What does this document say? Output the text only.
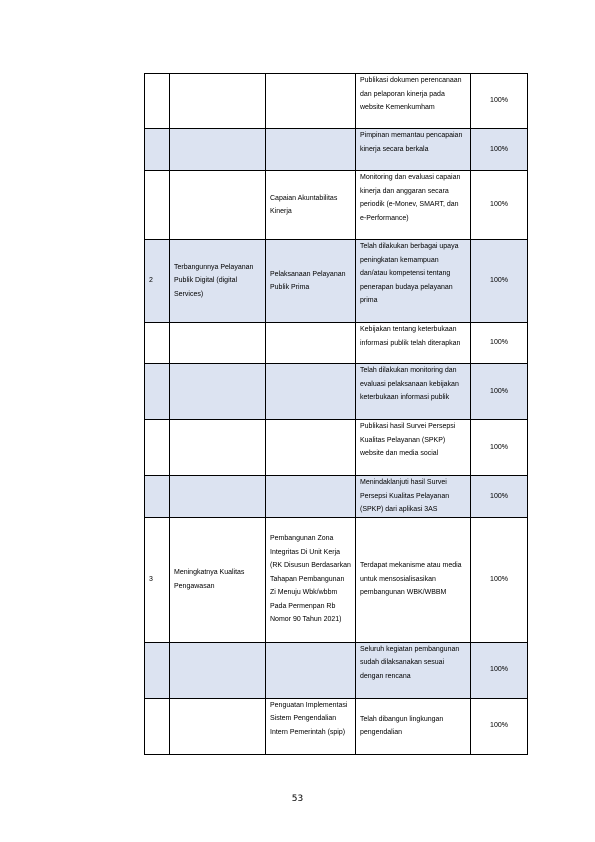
			Publikasi dokumen perencanaan dan pelaporan kinerja pada website Kemenkumham	100%
			Pimpinan memantau pencapaian kinerja secara berkala	100%
		Capaian Akuntabilitas Kinerja	Monitoring dan evaluasi capaian kinerja dan anggaran secara periodik (e-Monev, SMART, dan e-Performance)	100%
2	Terbangunnya Pelayanan Publik Digital (digital Services)	Pelaksanaan Pelayanan Publik Prima	Telah dilakukan berbagai upaya peningkatan kemampuan dan/atau kompetensi tentang penerapan budaya pelayanan prima	100%
			Kebijakan tentang keterbukaan informasi publik telah diterapkan	100%
			Telah dilakukan monitoring dan evaluasi pelaksanaan kebijakan keterbukaan informasi publik	100%
			Publikasi hasil Survei Persepsi Kualitas Pelayanan (SPKP) website dan media social	100%
			Menindaklanjuti hasil Survei Persepsi Kualitas Pelayanan (SPKP) dari aplikasi 3AS	100%
3	Meningkatnya Kualitas Pengawasan	Pembangunan Zona Integritas Di Unit Kerja (RK Disusun Berdasarkan Tahapan Pembangunan Zi Menuju Wbk/wbbm Pada Permenpan Rb Nomor 90 Tahun 2021)	Terdapat mekanisme atau media untuk mensosialisasikan pembangunan WBK/WBBM	100%
			Seluruh kegiatan pembangunan sudah dilaksanakan sesuai dengan rencana	100%
		Penguatan Implementasi Sistem Pengendalian Intern Pemerintah (spip)	Telah dibangun lingkungan pengendalian	100%
53
